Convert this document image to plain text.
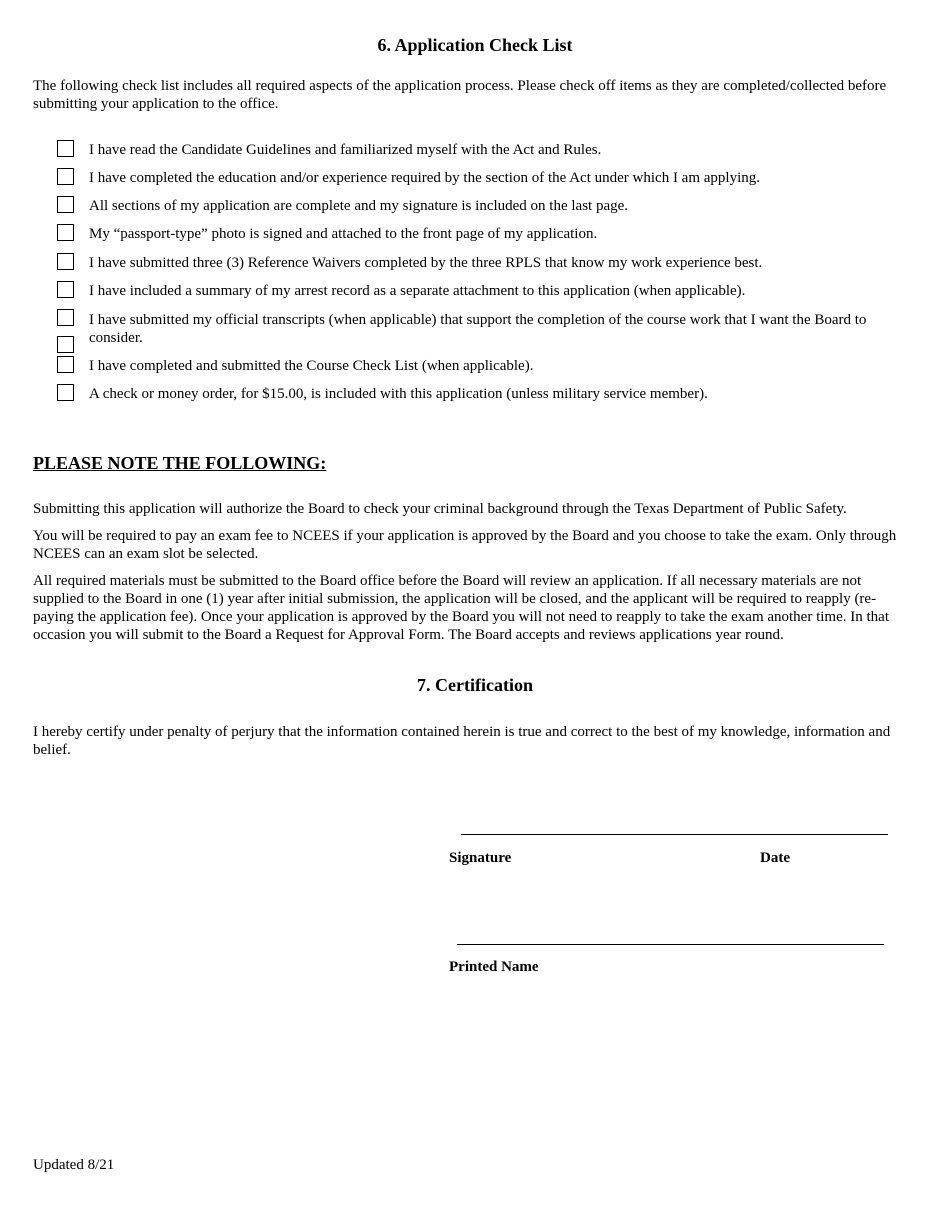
6. Application Check List

The following check list includes all required aspects of the application process. Please check off items as they are completed/collected before submitting your application to the office.

I have read the Candidate Guidelines and familiarized myself with the Act and Rules.

I have completed the education and/or experience required by the section of the Act under which I am applying.

All sections of my application are complete and my signature is included on the last page.

My “passport-type” photo is signed and attached to the front page of my application.

I have submitted three (3) Reference Waivers completed by the three RPLS that know my work experience best.

I have included a summary of my arrest record as a separate attachment to this application (when applicable).

I have submitted my official transcripts (when applicable) that support the completion of the course work that I want the Board to consider.

I have completed and submitted the Course Check List (when applicable).

A check or money order, for $15.00, is included with this application (unless military service member).

PLEASE NOTE THE FOLLOWING:

Submitting this application will authorize the Board to check your criminal background through the Texas Department of Public Safety.

You will be required to pay an exam fee to NCEES if your application is approved by the Board and you choose to take the exam. Only through NCEES can an exam slot be selected.

All required materials must be submitted to the Board office before the Board will review an application. If all necessary materials are not supplied to the Board in one (1) year after initial submission, the application will be closed, and the applicant will be required to reapply (re-paying the application fee). Once your application is approved by the Board you will not need to reapply to take the exam another time. In that occasion you will submit to the Board a Request for Approval Form. The Board accepts and reviews applications year round.

7. Certification

I hereby certify under penalty of perjury that the information contained herein is true and correct to the best of my knowledge, information and belief.

Signature	Date
Printed Name
Updated 8/21
